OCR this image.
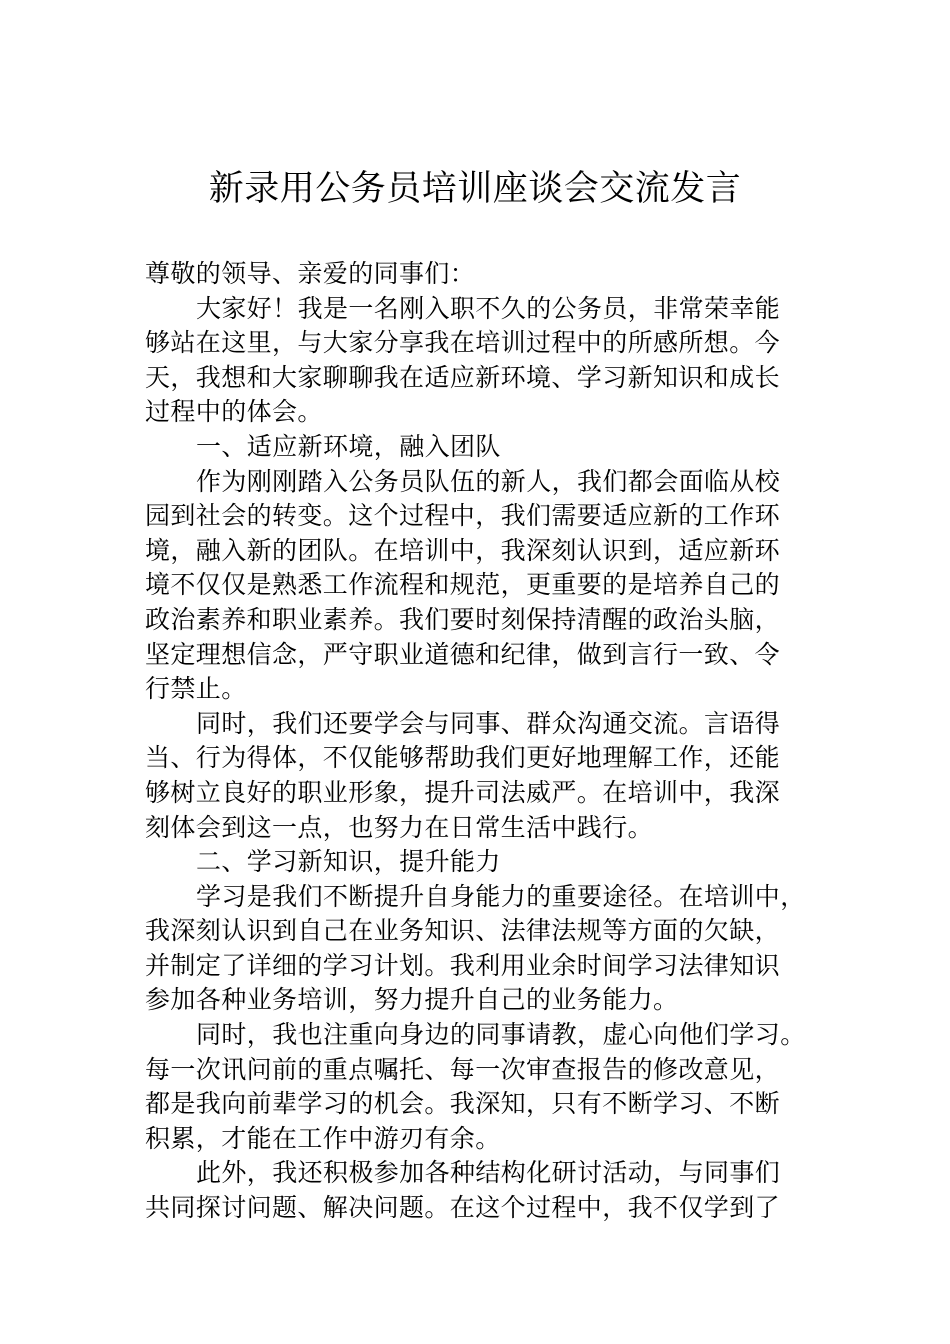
新录用公务员培训座谈会交流发言
尊敬的领导、亲爱的同事们：
大家好！我是一名刚入职不久的公务员，非常荣幸能
够站在这里，与大家分享我在培训过程中的所感所想。今
天，我想和大家聊聊我在适应新环境、学习新知识和成长
过程中的体会。
一、适应新环境，融入团队
作为刚刚踏入公务员队伍的新人，我们都会面临从校
园到社会的转变。这个过程中，我们需要适应新的工作环
境，融入新的团队。在培训中，我深刻认识到，适应新环
境不仅仅是熟悉工作流程和规范，更重要的是培养自己的
政治素养和职业素养。我们要时刻保持清醒的政治头脑，
坚定理想信念，严守职业道德和纪律，做到言行一致、令
行禁止。
同时，我们还要学会与同事、群众沟通交流。言语得
当、行为得体，不仅能够帮助我们更好地理解工作，还能
够树立良好的职业形象，提升司法威严。在培训中，我深
刻体会到这一点，也努力在日常生活中践行。
二、学习新知识，提升能力
学习是我们不断提升自身能力的重要途径。在培训中，
我深刻认识到自己在业务知识、法律法规等方面的欠缺，
并制定了详细的学习计划。我利用业余时间学习法律知识
参加各种业务培训，努力提升自己的业务能力。
同时，我也注重向身边的同事请教，虚心向他们学习。
每一次讯问前的重点嘱托、每一次审查报告的修改意见，
都是我向前辈学习的机会。我深知，只有不断学习、不断
积累，才能在工作中游刃有余。
此外，我还积极参加各种结构化研讨活动，与同事们
共同探讨问题、解决问题。在这个过程中，我不仅学到了
